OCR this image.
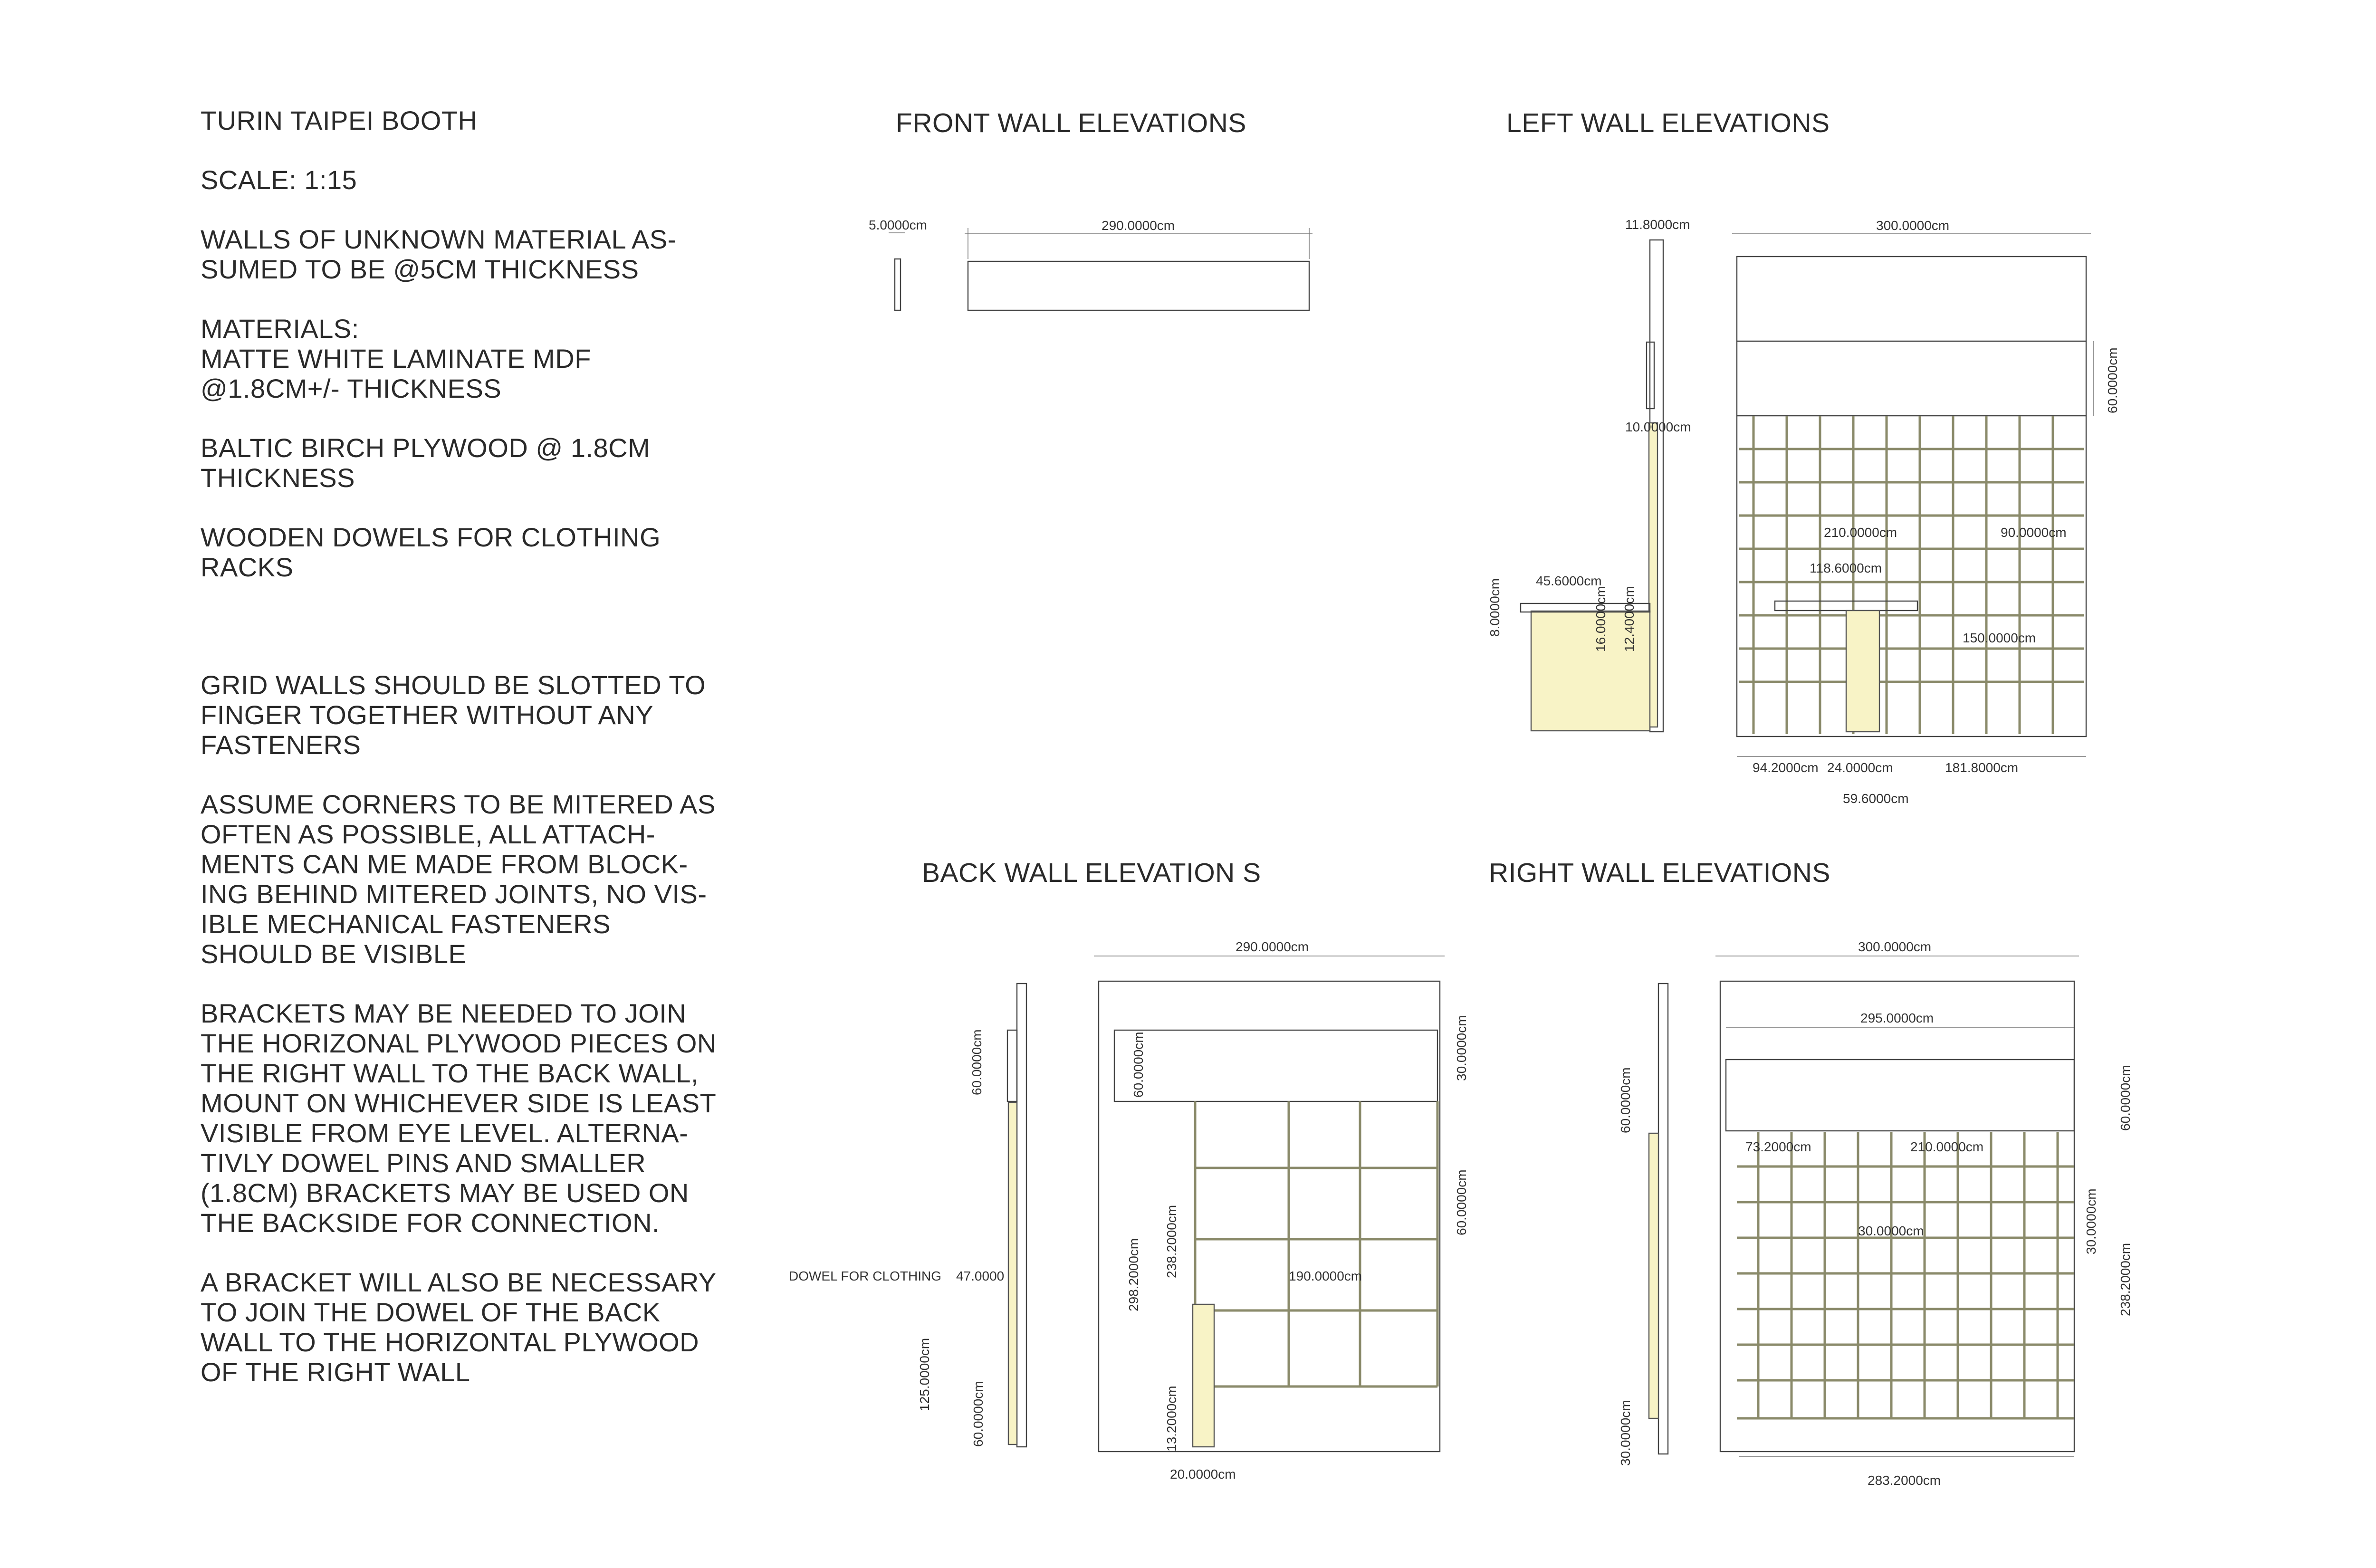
TURIN TAIPEI BOOTH

SCALE: 1:15

WALLS OF UNKNOWN MATERIAL AS-
SUMED TO BE @5CM THICKNESS

MATERIALS:
MATTE WHITE LAMINATE MDF
@1.8CM+/- THICKNESS

BALTIC BIRCH PLYWOOD @ 1.8CM
THICKNESS

WOODEN DOWELS FOR CLOTHING
RACKS

GRID WALLS SHOULD BE SLOTTED TO
FINGER TOGETHER WITHOUT ANY
FASTENERS

ASSUME CORNERS TO BE MITERED AS
OFTEN AS POSSIBLE, ALL ATTACH-
MENTS CAN ME MADE FROM BLOCK-
ING BEHIND MITERED JOINTS, NO VIS-
IBLE MECHANICAL FASTENERS
SHOULD BE VISIBLE

BRACKETS MAY BE NEEDED TO JOIN
THE HORIZONAL PLYWOOD PIECES ON
THE RIGHT WALL TO THE BACK WALL,
MOUNT ON WHICHEVER SIDE IS LEAST
VISIBLE FROM EYE LEVEL. ALTERNA-
TIVLY DOWEL PINS AND SMALLER
(1.8CM) BRACKETS MAY BE USED ON
THE BACKSIDE FOR CONNECTION.

A BRACKET WILL ALSO BE NECESSARY
TO JOIN THE DOWEL OF THE BACK
WALL TO THE HORIZONTAL PLYWOOD
OF THE RIGHT WALL

FRONT WALL ELEVATIONS	LEFT WALL ELEVATIONS
BACK WALL ELEVATION S	RIGHT WALL ELEVATIONS
5.0000cm	290.0000cm	11.8000cm
10.0000cm
45.6000cm
8.0000cm	16.0000cm 12.4000cm
300.0000cm
60.0000cm
210.0000cm	90.0000cm
118.6000cm
150.0000cm
94.2000cm 24.0000cm	181.8000cm
59.6000cm
60.0000cm
DOWEL FOR CLOTHING 47.0000
125.0000cm
60.0000cm
290.0000cm
60.0000cm	30.0000cm
298.2000cm 238.2000cm
60.0000cm
190.0000cm
13.2000cm
20.0000cm
60.0000cm
30.0000cm
300.0000cm
295.0000cm
60.0000cm
73.2000cm	210.0000cm
30.0000cm	30.0000cm
238.2000cm
283.2000cm
